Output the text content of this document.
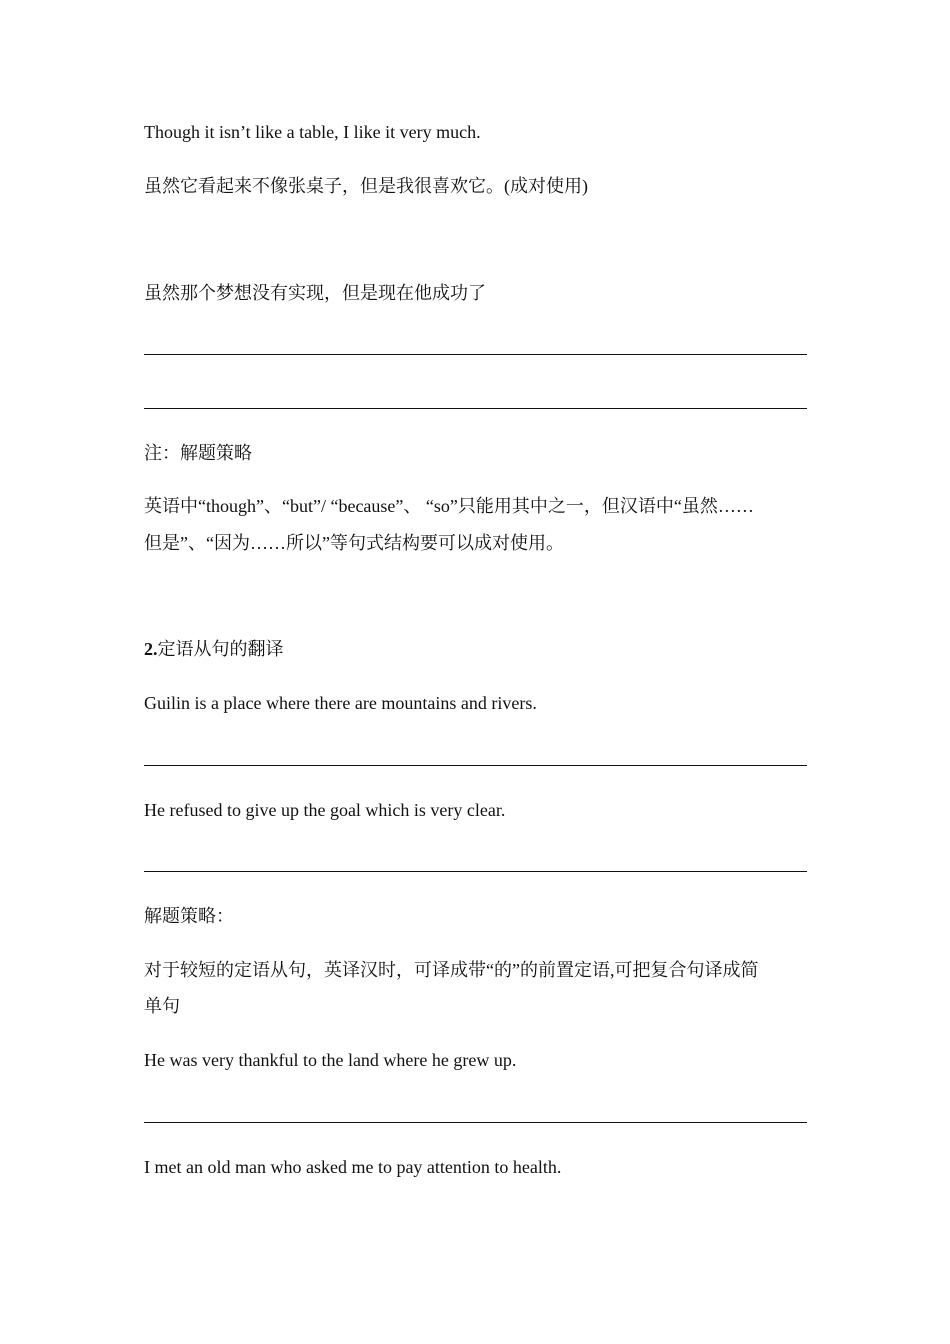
Though it isn’t like a table, I like it very much.
虽然它看起来不像张桌子，但是我很喜欢它。(成对使用)
虽然那个梦想没有实现，但是现在他成功了
注：解题策略
英语中“though”、“but”/ “because”、 “so”只能用其中之一，但汉语中“虽然……
但是”、“因为……所以”等句式结构要可以成对使用。
2.定语从句的翻译
Guilin is a place where there are mountains and rivers.
He refused to give up the goal which is very clear.
解题策略：
对于较短的定语从句，英译汉时，可译成带“的”的前置定语,可把复合句译成简
单句
He was very thankful to the land where he grew up.
I met an old man who asked me to pay attention to health.
